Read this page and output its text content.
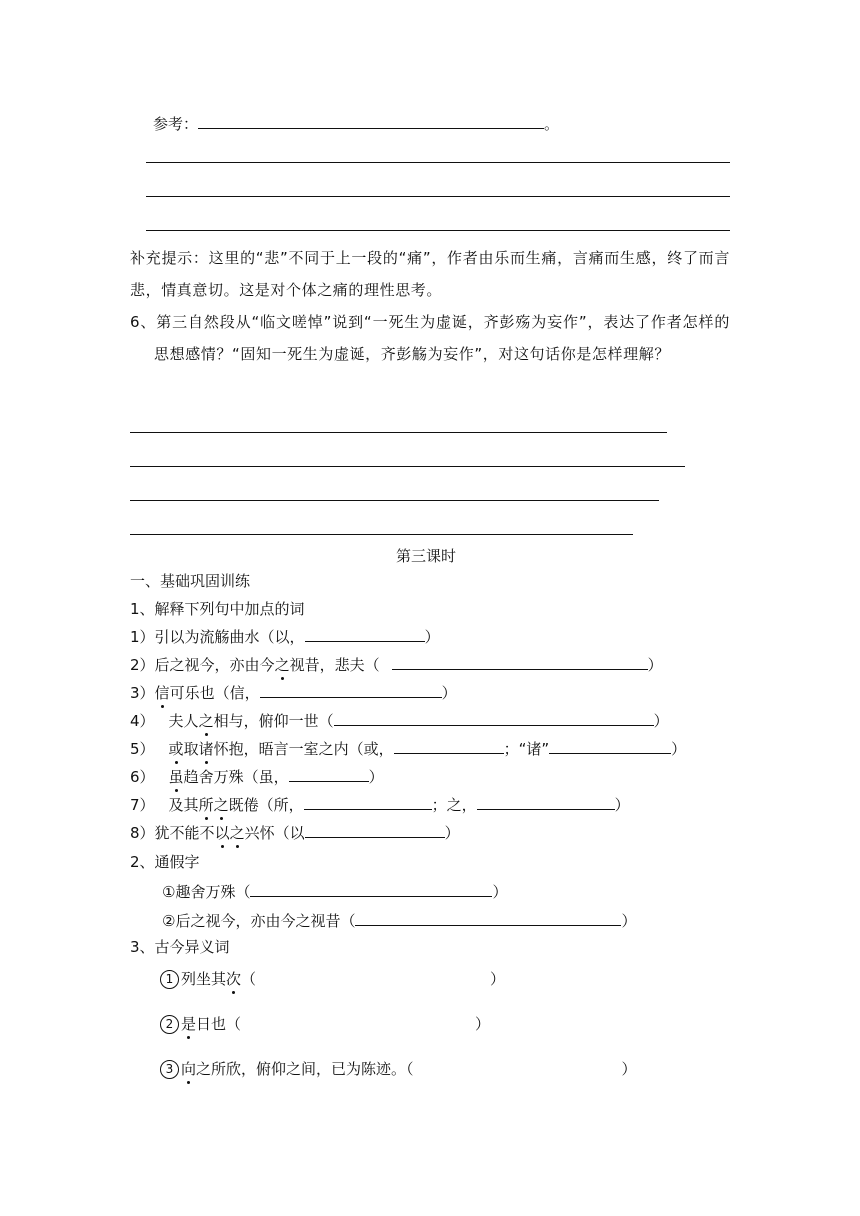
参考：	。
补充提示：这里的“悲”不同于上一段的“痛”，作者由乐而生痛，言痛而生感，终了而言悲，情真意切。这是对个体之痛的理性思考。
6、第三自然段从“临文嗟悼”说到“一死生为虚诞，齐彭殇为妄作”，表达了作者怎样的思想感情？“固知一死生为虚诞，齐彭觞为妄作”，对这句话你是怎样理解？
第三课时
一、基础巩固训练
1、解释下列句中加点的词
1）引以为流觞曲水（以，	）
2）后之视今，亦由今之视昔，悲夫（	）
3）信可乐也（信，	）
4） 夫人之相与，俯仰一世（	）
5） 或取诸怀抱，晤言一室之内（或，	；“诸”	）
6） 虽趋舍万殊（虽，	）
7） 及其所之既倦（所，	；之，	）
8）犹不能不以之兴怀（以	）
2、通假字
①趣舍万殊（	）
②后之视今，亦由今之视昔（	）
3、古今异义词
1 列坐其次（	）
2 是日也（	）
3 向之所欣，俯仰之间，已为陈迹。（	）
